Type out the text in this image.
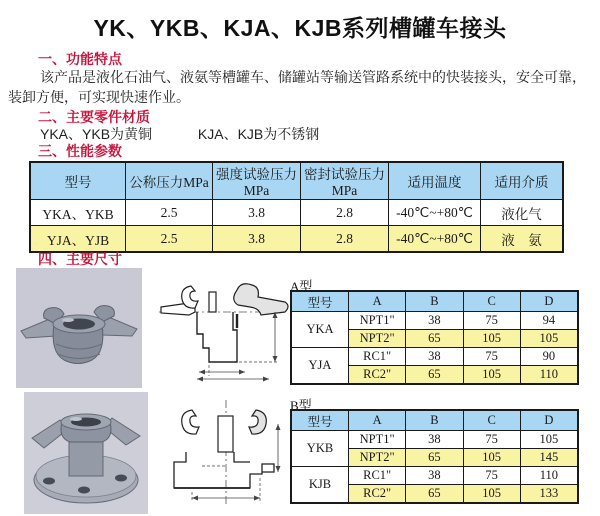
YK、YKB、KJA、KJB系列槽罐车接头
一、功能特点
该产品是液化石油气、液氨等槽罐车、储罐站等输送管路系统中的快装接头，安全可靠，装卸方便，可实现快速作业。
二、主要零件材质
YKA、YKB为黄铜	KJA、KJB为不锈钢
三、性能参数
型号	公称压力MPa	强度试验压力MPa	密封试验压力MPa	适用温度	适用介质
YKA、YKB	2.5	3.8	2.8	-40℃~+80℃	液化气
YJA、YJB	2.5	3.8	2.8	-40℃~+80℃	液　氨
四、主要尺寸
A型
型号	A	B	C	D
YKA	NPT1"	38	75	94
	NPT2"	65	105	105
YJA	RC1"	38	75	90
	RC2"	65	105	110
B型
型号	A	B	C	D
YKB	NPT1"	38	75	105
	NPT2"	65	105	145
KJB	RC1"	38	75	110
	RC2"	65	105	133
